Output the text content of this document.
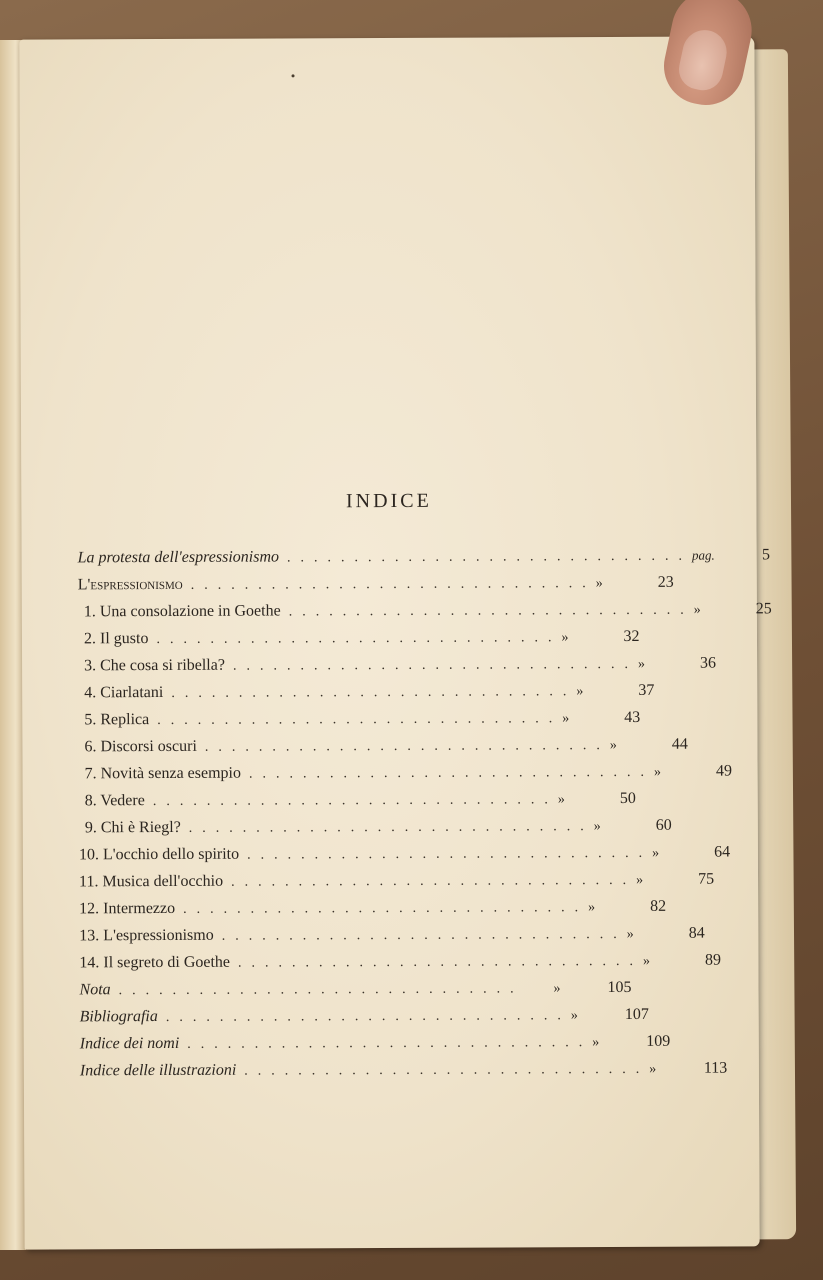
INDICE
La protesta dell'espressionismo .............................. pag.	5
L'espressionismo .............................. »	23
1. Una consolazione in Goethe .............................. »	25
2. Il gusto .............................. »	32
3. Che cosa si ribella? .............................. »	36
4. Ciarlatani .............................. »	37
5. Replica .............................. »	43
6. Discorsi oscuri .............................. »	44
7. Novità senza esempio .............................. »	49
8. Vedere .............................. »	50
9. Chi è Riegl? .............................. »	60
10. L'occhio dello spirito .............................. »	64
11. Musica dell'occhio .............................. »	75
12. Intermezzo .............................. »	82
13. L'espressionismo .............................. »	84
14. Il segreto di Goethe .............................. »	89
Nota ..............................	»	105
Bibliografia .............................. »	107
Indice dei nomi .............................. »	109
Indice delle illustrazioni .............................. »	113
